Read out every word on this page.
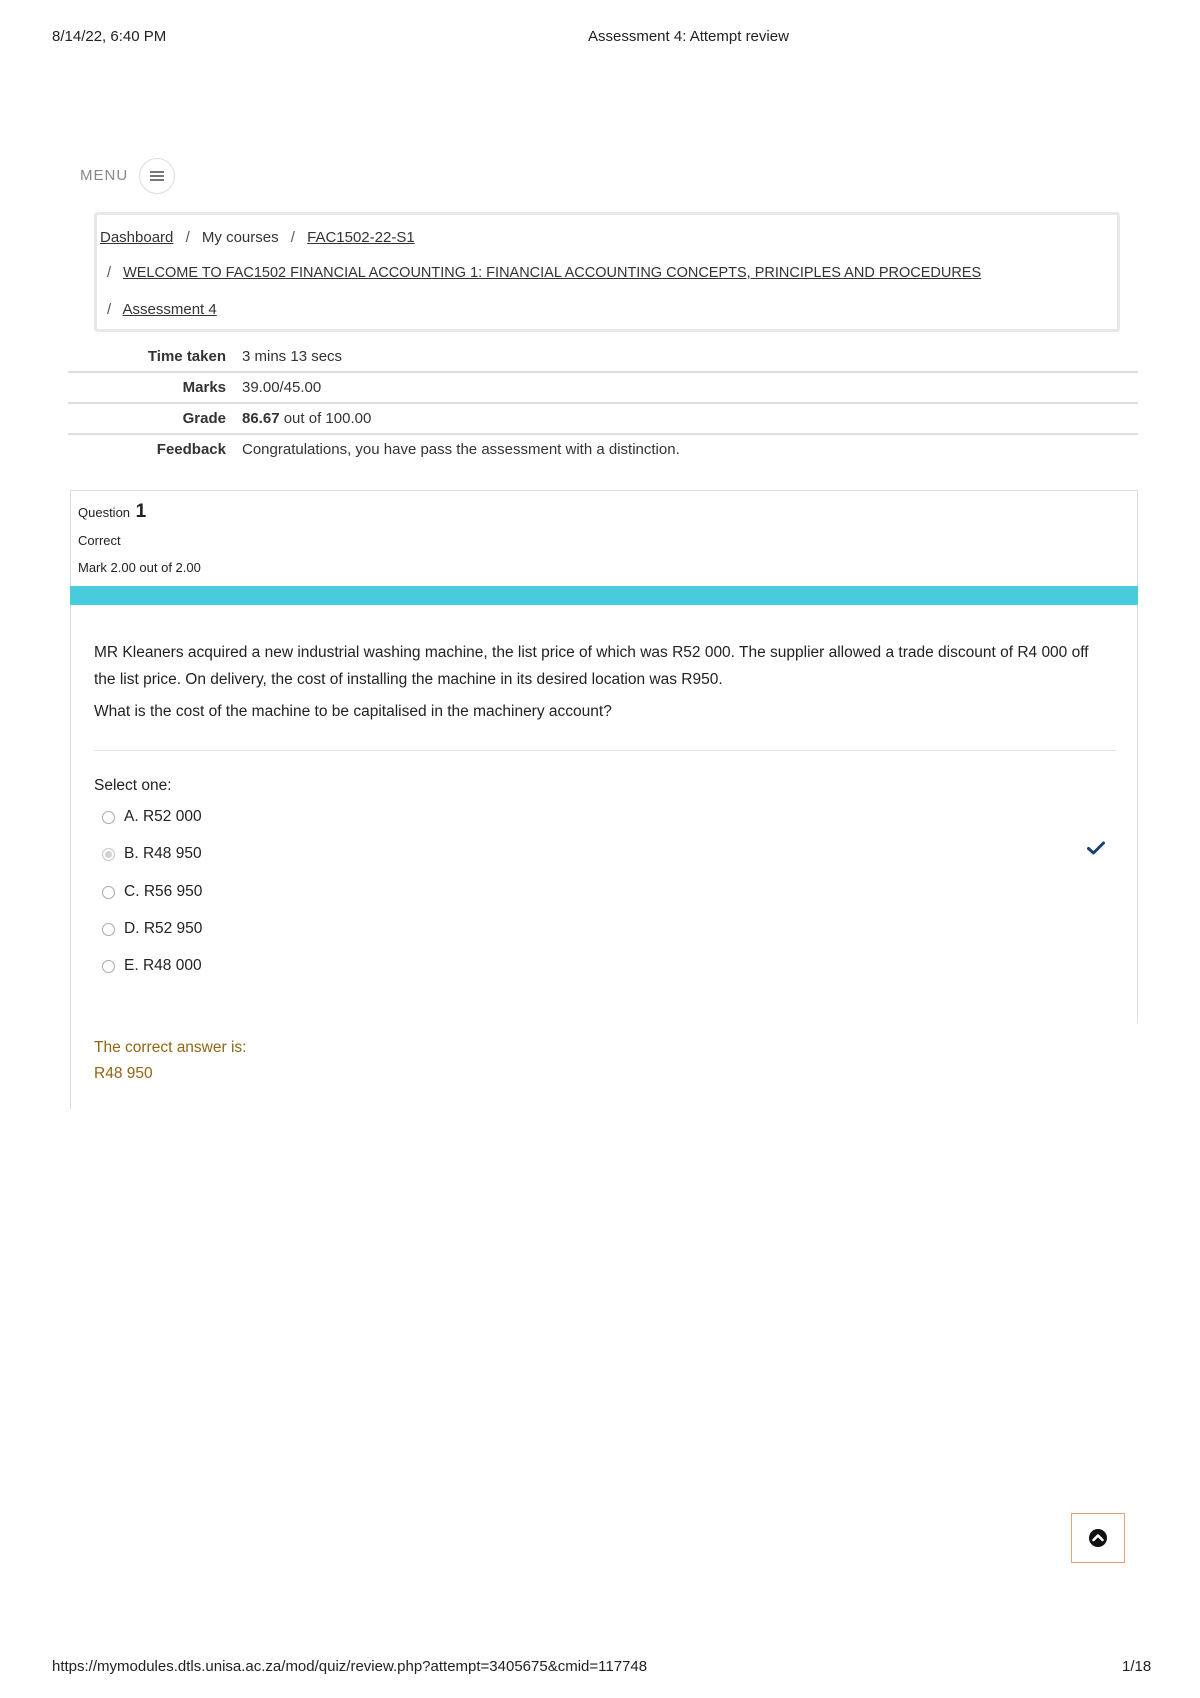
8/14/22, 6:40 PM	Assessment 4: Attempt review
MENU
Dashboard / My courses / FAC1502-22-S1
/ WELCOME TO FAC1502 FINANCIAL ACCOUNTING 1: FINANCIAL ACCOUNTING CONCEPTS, PRINCIPLES AND PROCEDURES
/ Assessment 4
Time taken 3 mins 13 secs
Marks 39.00/45.00
Grade 86.67 out of 100.00
Feedback Congratulations, you have pass the assessment with a distinction.
Question 1
Correct
Mark 2.00 out of 2.00

MR Kleaners acquired a new industrial washing machine, the list price of which was R52 000. The supplier allowed a trade discount of R4 000 off the list price. On delivery, the cost of installing the machine in its desired location was R950.

What is the cost of the machine to be capitalised in the machinery account?

Select one:
A.
R52 000
B.
R48 950
C.
R56 950
D.
R52 950
E.
R48 000
The correct answer is:
R48 950
https://mymodules.dtls.unisa.ac.za/mod/quiz/review.php?attempt=3405675&cmid=117748	1/18
